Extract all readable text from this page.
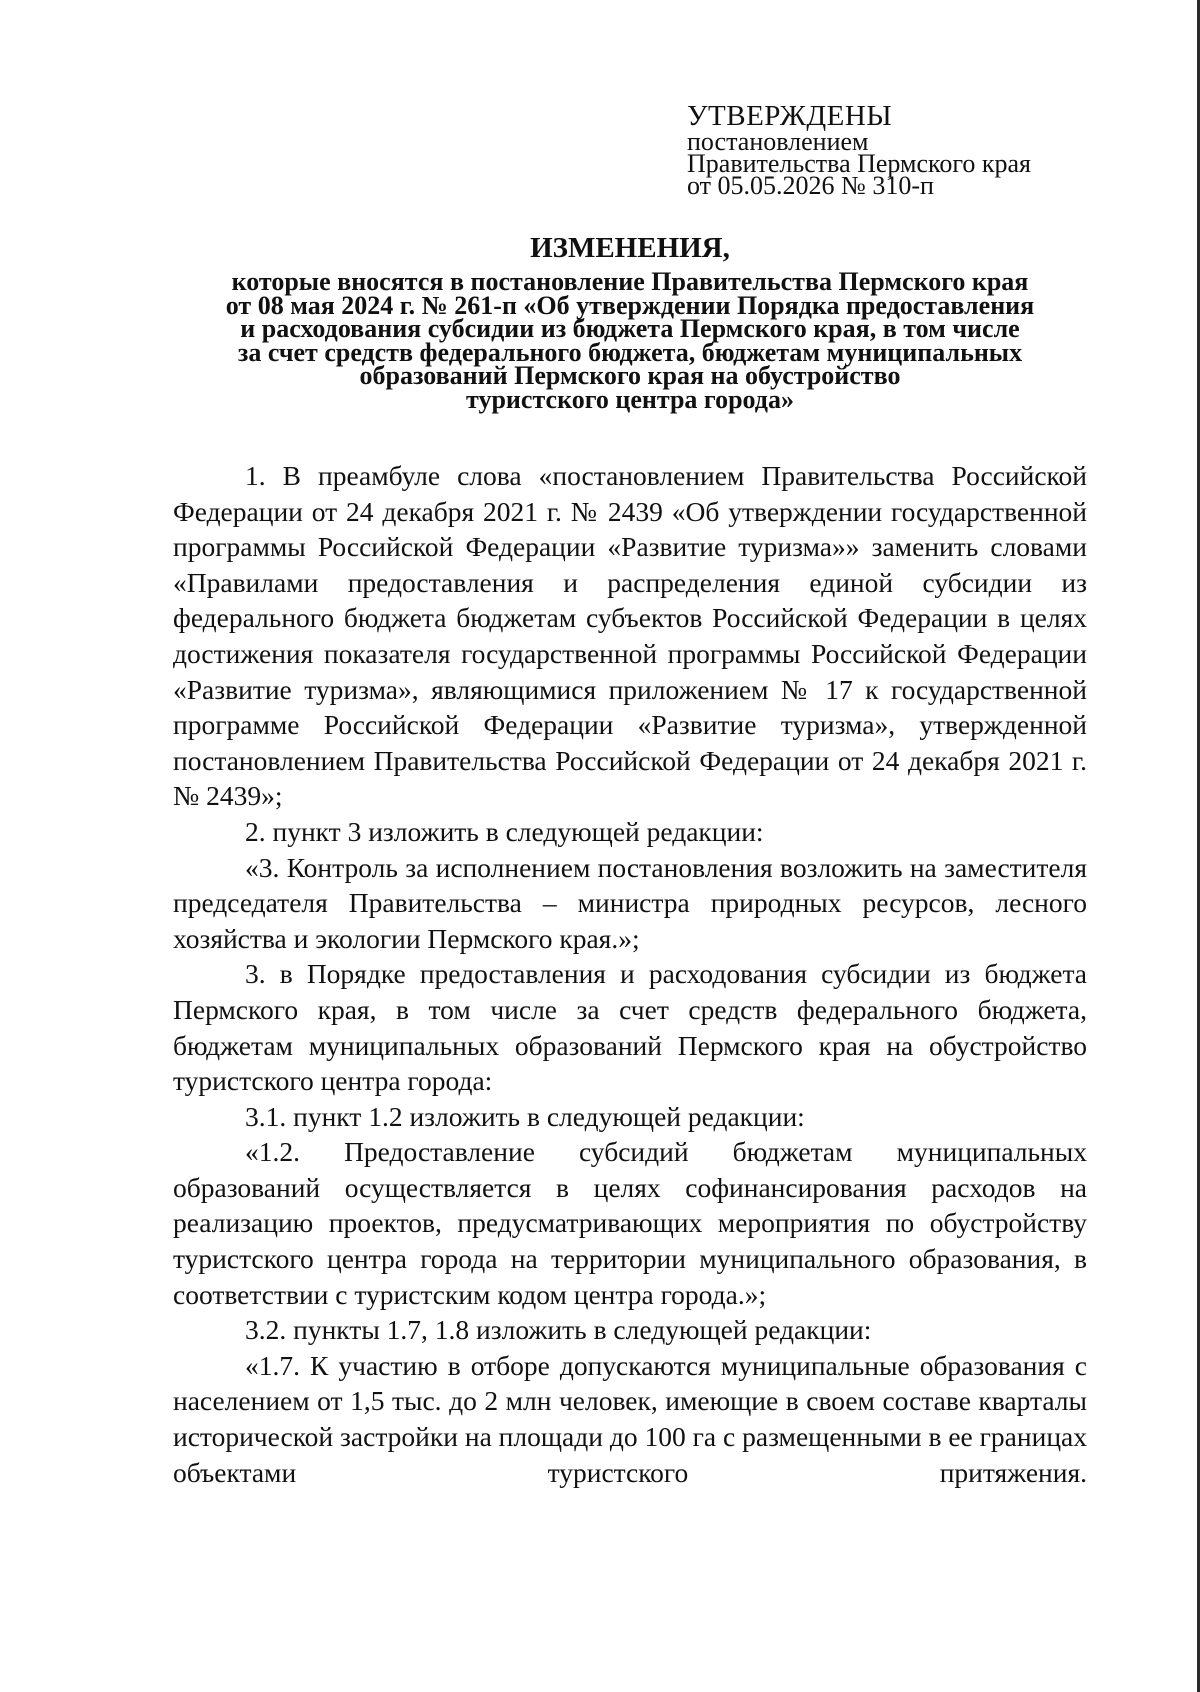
УТВЕРЖДЕНЫ
постановлением
Правительства Пермского края
от 05.05.2026 № 310-п
ИЗМЕНЕНИЯ,
которые вносятся в постановление Правительства Пермского края
от 08 мая 2024 г. № 261-п «Об утверждении Порядка предоставления
и расходования субсидии из бюджета Пермского края, в том числе
за счет средств федерального бюджета, бюджетам муниципальных
образований Пермского края на обустройство
туристского центра города»

1. В преамбуле слова «постановлением Правительства Российской Федерации от 24 декабря 2021 г. № 2439 «Об утверждении государственной программы Российской Федерации «Развитие туризма»» заменить словами «Правилами предоставления и распределения единой субсидии из федерального бюджета бюджетам субъектов Российской Федерации в целях достижения показателя государственной программы Российской Федерации «Развитие туризма», являющимися приложением № 17 к государственной программе Российской Федерации «Развитие туризма», утвержденной постановлением Правительства Российской Федерации от 24 декабря 2021 г. № 2439»;

2. пункт 3 изложить в следующей редакции:

«3. Контроль за исполнением постановления возложить на заместителя председателя Правительства – министра природных ресурсов, лесного хозяйства и экологии Пермского края.»;

3. в Порядке предоставления и расходования субсидии из бюджета Пермского края, в том числе за счет средств федерального бюджета, бюджетам муниципальных образований Пермского края на обустройство туристского центра города:

3.1. пункт 1.2 изложить в следующей редакции:

«1.2. Предоставление субсидий бюджетам муниципальных образований осуществляется в целях софинансирования расходов на реализацию проектов, предусматривающих мероприятия по обустройству туристского центра города на территории муниципального образования, в соответствии с туристским кодом центра города.»;

3.2. пункты 1.7, 1.8 изложить в следующей редакции:

«1.7. К участию в отборе допускаются муниципальные образования с населением от 1,5 тыс. до 2 млн человек, имеющие в своем составе кварталы исторической застройки на площади до 100 га с размещенными в ее границах объектами туристского притяжения.
